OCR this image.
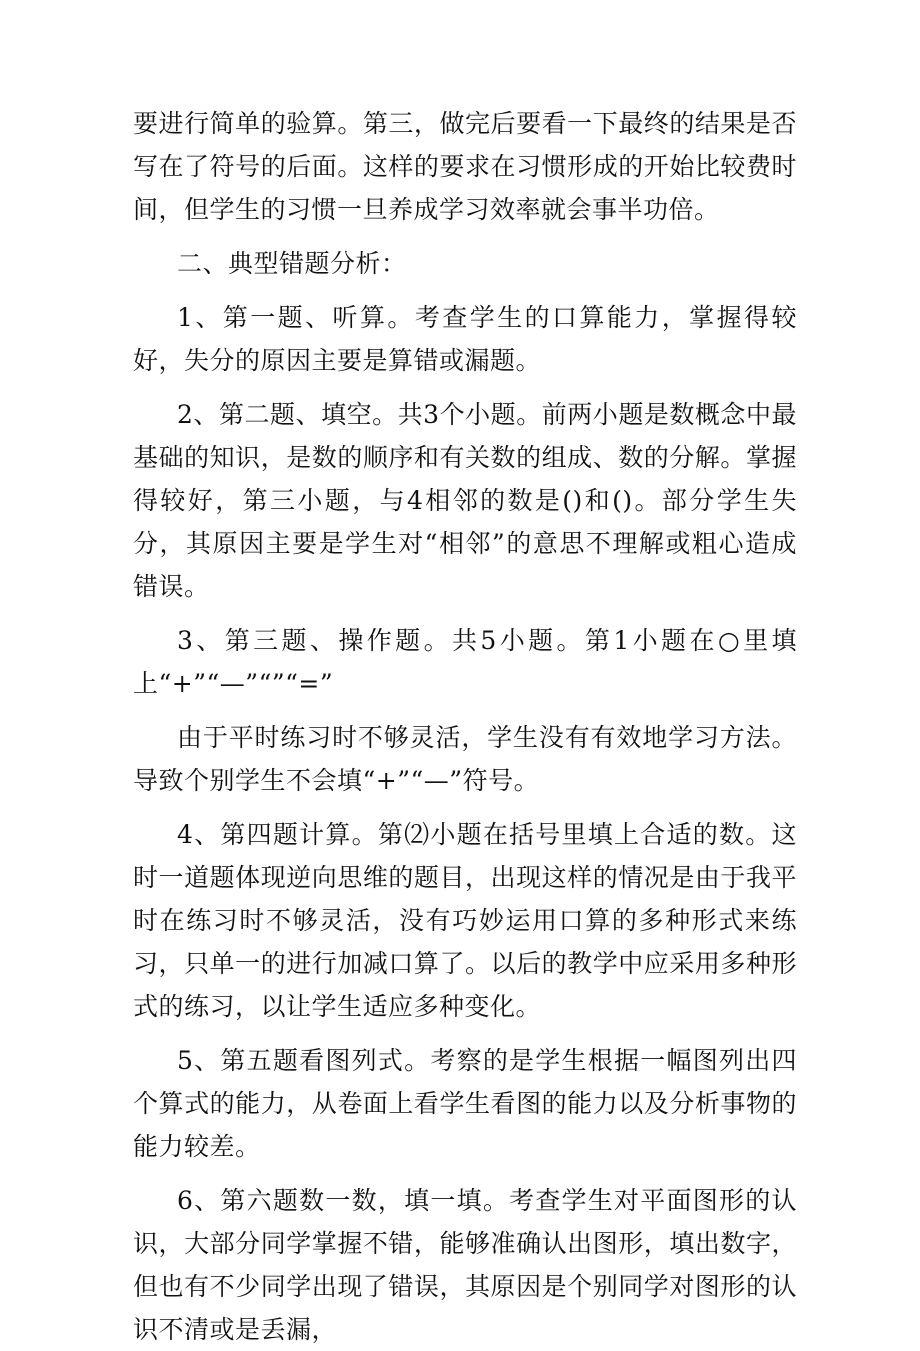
要进行简单的验算。第三，做完后要看一下最终的结果是否写在了符号的后面。这样的要求在习惯形成的开始比较费时间，但学生的习惯一旦养成学习效率就会事半功倍。

二、典型错题分析：

1、第一题、听算。考查学生的口算能力，掌握得较好，失分的原因主要是算错或漏题。

2、第二题、填空。共3个小题。前两小题是数概念中最基础的知识，是数的顺序和有关数的组成、数的分解。掌握得较好，第三小题，与4相邻的数是()和()。部分学生失分，其原因主要是学生对“相邻”的意思不理解或粗心造成错误。

3、第三题、操作题。共5小题。第1小题在○里填上“+”“—”“”“=”

由于平时练习时不够灵活，学生没有有效地学习方法。导致个别学生不会填“+”“—”符号。

4、第四题计算。第⑵小题在括号里填上合适的数。这时一道题体现逆向思维的题目，出现这样的情况是由于我平时在练习时不够灵活，没有巧妙运用口算的多种形式来练习，只单一的进行加减口算了。以后的教学中应采用多种形式的练习，以让学生适应多种变化。

5、第五题看图列式。考察的是学生根据一幅图列出四个算式的能力，从卷面上看学生看图的能力以及分析事物的能力较差。

6、第六题数一数，填一填。考查学生对平面图形的认识，大部分同学掌握不错，能够准确认出图形，填出数字，但也有不少同学出现了错误，其原因是个别同学对图形的认识不清或是丢漏，
